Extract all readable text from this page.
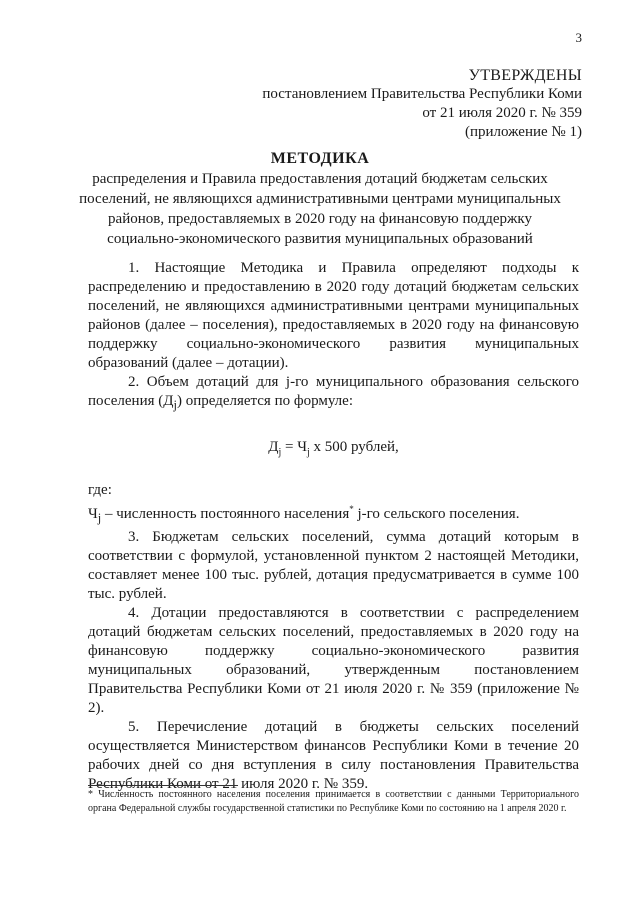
3
УТВЕРЖДЕНЫ
постановлением Правительства Республики Коми
от 21 июля 2020 г. № 359
(приложение № 1)
МЕТОДИКА
распределения и Правила предоставления дотаций бюджетам сельских поселений, не являющихся административными центрами муниципальных районов, предоставляемых в 2020 году на финансовую поддержку социально-экономического развития муниципальных образований

1. Настоящие Методика и Правила определяют подходы к распределению и предоставлению в 2020 году дотаций бюджетам сельских поселений, не являющихся административными центрами муниципальных районов (далее – поселения), предоставляемых в 2020 году на финансовую поддержку социально-экономического развития муниципальных образований (далее – дотации).

2. Объем дотаций для j-го муниципального образования сельского поселения $(Д_j)$ определяется по формуле:

$Д_j = Ч_j$ х 500 рублей,

где:

$Ч_j$ – численность постоянного населения* j-го сельского поселения.

3. Бюджетам сельских поселений, сумма дотаций которым в соответствии с формулой, установленной пунктом 2 настоящей Методики, составляет менее 100 тыс. рублей, дотация предусматривается в сумме 100 тыс. рублей.

4. Дотации предоставляются в соответствии с распределением дотаций бюджетам сельских поселений, предоставляемых в 2020 году на финансовую поддержку социально-экономического развития муниципальных образований, утвержденным постановлением Правительства Республики Коми от 21 июля 2020 г. № 359 (приложение № 2).

5. Перечисление дотаций в бюджеты сельских поселений осуществляется Министерством финансов Республики Коми в течение 20 рабочих дней со дня вступления в силу постановления Правительства Республики Коми от 21 июля 2020 г. № 359.

* Численность постоянного населения поселения принимается в соответствии с данными Территориального органа Федеральной службы государственной статистики по Республике Коми по состоянию на 1 апреля 2020 г.
